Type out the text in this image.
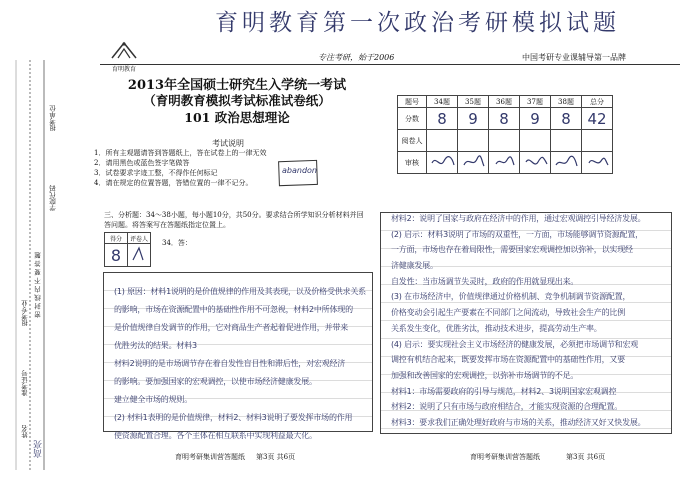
报考单位
学院代码
准考证号
姓名
报考专业 密封线内不要答题
高亮
育明教育第一次政治考研模拟试题
育明教育
专注考研，始于2006	中国考研专业课辅导第一品牌
2013年全国硕士研究生入学统一考试
（育明教育模拟考试标准试卷纸）
101 政治思想理论
考试说明
1．所有主观题请答到答题纸上，答在试卷上的一律无效
2．请用黑色或蓝色签字笔做答
3．试卷要求字迹工整，不得作任何标记
4．请在规定的位置答题，答错位置的一律不记分。
abandon
题号	34题	35题	36题	37题	38题	总分
分数	8	9	8	9	8	42
阅卷人						
审核						
三、分析题：34～38小题，每小题10分，共50分。要求结合所学知识分析材料并回答问题。将答案写在答题纸指定位置上。
得分	评卷人
8	
34．答：
(1) 原因：材料1说明的是价值规律的作用及其表现，以及价格受供求关系
的影响，市场在资源配置中的基础性作用不可忽视，材料2中所体现的
是价值规律自发调节的作用，它对商品生产者起着促进作用，并带来
优胜劣汰的结果。材料3
材料2说明的是市场调节存在着自发性盲目性和滞后性，对宏观经济
的影响。要加强国家的宏观调控，以使市场经济健康发展。
建立健全市场的规则。
(2) 材料1表明的是价值规律，材料2、材料3说明了要发挥市场的作用
使资源配置合理。各个主体在相互联系中实现利益最大化。
材料2：说明了国家与政府在经济中的作用，通过宏观调控引导经济发展。
(2) 启示：材料3说明了市场的双重性，一方面，市场能够调节资源配置，
一方面，市场也存在着局限性，需要国家宏观调控加以弥补，以实现经
济健康发展。
自发性：当市场调节失灵时，政府的作用就显现出来。
(3) 在市场经济中，价值规律通过价格机制、竞争机制调节资源配置，
价格变动会引起生产要素在不同部门之间流动，导致社会生产的比例
关系发生变化，优胜劣汰，推动技术进步，提高劳动生产率。
(4) 启示：要实现社会主义市场经济的健康发展，必须把市场调节和宏观
调控有机结合起来，既要发挥市场在资源配置中的基础性作用，又要
加强和改善国家的宏观调控，以弥补市场调节的不足。
材料1：市场需要政府的引导与规范，材料2、3说明国家宏观调控
材料2：说明了只有市场与政府相结合，才能实现资源的合理配置。
材料3：要求我们正确处理好政府与市场的关系，推动经济又好又快发展。
育明考研集训营答题纸 第3页 共6页	育明考研集训营答题纸	第3页 共6页
